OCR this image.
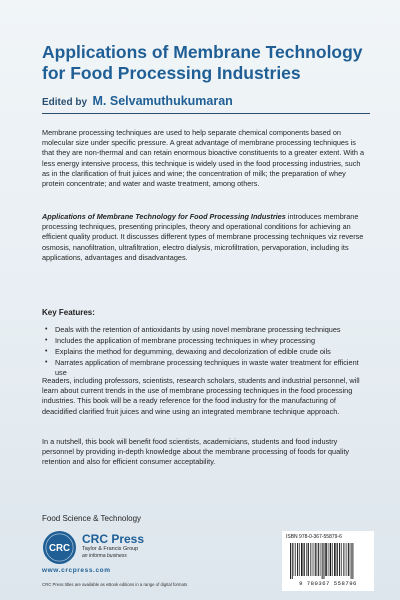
Applications of Membrane Technology for Food Processing Industries
Edited by M. Selvamuthukumaran

Membrane processing techniques are used to help separate chemical components based on molecular size under specific pressure. A great advantage of membrane processing techniques is that they are non-thermal and can retain enormous bioactive constituents to a greater extent. With a less energy intensive process, this technique is widely used in the food processing industries, such as in the clarification of fruit juices and wine; the concentration of milk; the preparation of whey protein concentrate; and water and waste treatment, among others.

Applications of Membrane Technology for Food Processing Industries introduces membrane processing techniques, presenting principles, theory and operational conditions for achieving an efficient quality product. It discusses different types of membrane processing techniques viz reverse osmosis, nanofiltration, ultrafiltration, electro dialysis, microfiltration, pervaporation, including its applications, advantages and disadvantages.

Key Features:
• Deals with the retention of antioxidants by using novel membrane processing techniques
• Includes the application of membrane processing techniques in whey processing
• Explains the method for degumming, dewaxing and decolorization of edible crude oils
• Narrates application of membrane processing techniques in waste water treatment for efficient use

Readers, including professors, scientists, research scholars, students and industrial personnel, will learn about current trends in the use of membrane processing techniques in the food processing industries. This book will be a ready reference for the food industry for the manufacturing of deacidified clarified fruit juices and wine using an integrated membrane technique approach.

In a nutshell, this book will benefit food scientists, academicians, students and food industry personnel by providing in-depth knowledge about the membrane processing of foods for quality retention and also for efficient consumer acceptability.

Food Science & Technology
CRC
CRC Press
Taylor & Francis Group
an informa business
www.crcpress.com
CRC Press titles are available as eBook editions in a range of digital formats
ISBN 978-0-367-55879-6
9 780367 558796
